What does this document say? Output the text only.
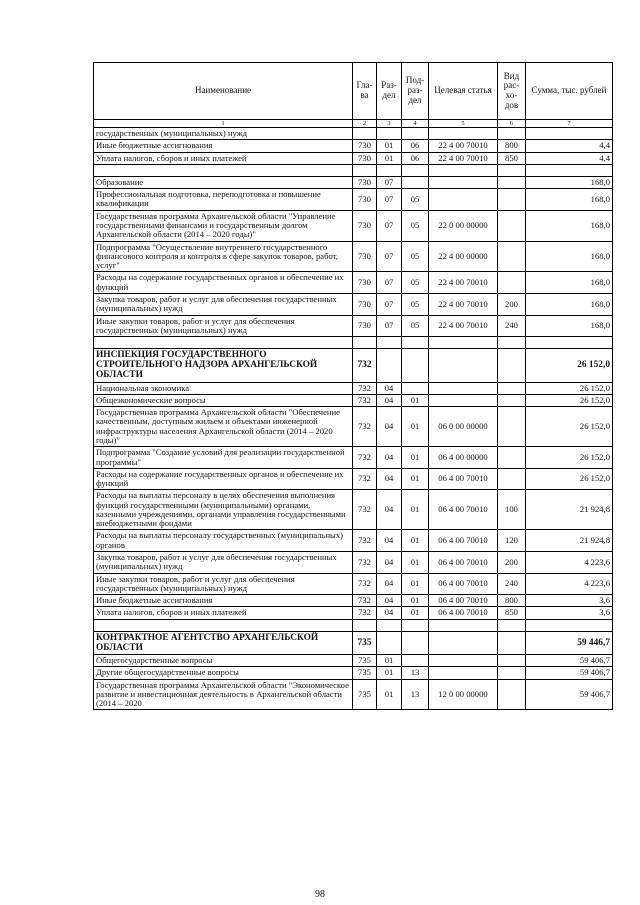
Наименование	Гла-ва	Раз-дел	Под-раз-дел	Целевая статья	Вид рас-хо-дов	Сумма, тыс. рублей
1	2	3	4	5	6	7
государственных (муниципальных) нужд						
Иные бюджетные ассигнования	730	01	06	22 4 00 70010	800	4,4
Уплата налогов, сборов и иных платежей	730	01	06	22 4 00 70010	850	4,4

Образование	730	07				168,0
Профессиональная подготовка, переподготовка и повышение квалификации	730	07	05			168,0
Государственная программа Архангельской области "Управление государственными финансами и государственным долгом Архангельской области (2014 – 2020 годы)"	730	07	05	22 0 00 00000		168,0
Подпрограмма "Осуществление внутреннего государственного финансового контроля и контроля в сфере закупок товаров, работ, услуг"	730	07	05	22 4 00 00000		168,0
Расходы на содержание государственных органов и обеспечение их функций	730	07	05	22 4 00 70010		168,0
Закупка товаров, работ и услуг для обеспечения государственных (муниципальных) нужд	730	07	05	22 4 00 70010	200	168,0
Иные закупки товаров, работ и услуг для обеспечения государственных (муниципальных) нужд	730	07	05	22 4 00 70010	240	168,0

ИНСПЕКЦИЯ ГОСУДАРСТВЕННОГО СТРОИТЕЛЬНОГО НАДЗОРА АРХАНГЕЛЬСКОЙ ОБЛАСТИ	732					26 152,0
Национальная экономика	732	04				26 152,0
Общеэкономические вопросы	732	04	01			26 152,0
Государственная программа Архангельской области "Обеспечение качественным, доступным жильем и объектами инженерной инфраструктуры населения Архангельской области (2014 – 2020 годы)"	732	04	01	06 0 00 00000		26 152,0
Подпрограмма "Создание условий для реализации государственной программы"	732	04	01	06 4 00 00000		26 152,0
Расходы на содержание государственных органов и обеспечение их функций	732	04	01	06 4 00 70010		26 152,0
Расходы на выплаты персоналу в целях обеспечения выполнения функций государственными (муниципальными) органами, казенными учреждениями, органами управления государственными внебюджетными фондами	732	04	01	06 4 00 70010	100	21 924,8
Расходы на выплаты персоналу государственных (муниципальных) органов	732	04	01	06 4 00 70010	120	21 924,8
Закупка товаров, работ и услуг для обеспечения государственных (муниципальных) нужд	732	04	01	06 4 00 70010	200	4 223,6
Иные закупки товаров, работ и услуг для обеспечения государственных (муниципальных) нужд	732	04	01	06 4 00 70010	240	4 223,6
Иные бюджетные ассигнования	732	04	01	06 4 00 70010	800	3,6
Уплата налогов, сборов и иных платежей	732	04	01	06 4 00 70010	850	3,6

КОНТРАКТНОЕ АГЕНТСТВО АРХАНГЕЛЬСКОЙ ОБЛАСТИ	735					59 446,7
Общегосударственные вопросы	735	01				59 406,7
Другие общегосударственные вопросы	735	01	13			59 406,7
Государственная программа Архангельской области "Экономическое развитие и инвестиционная деятельность в Архангельской области (2014 – 2020	735	01	13	12 0 00 00000		59 406,7
98
